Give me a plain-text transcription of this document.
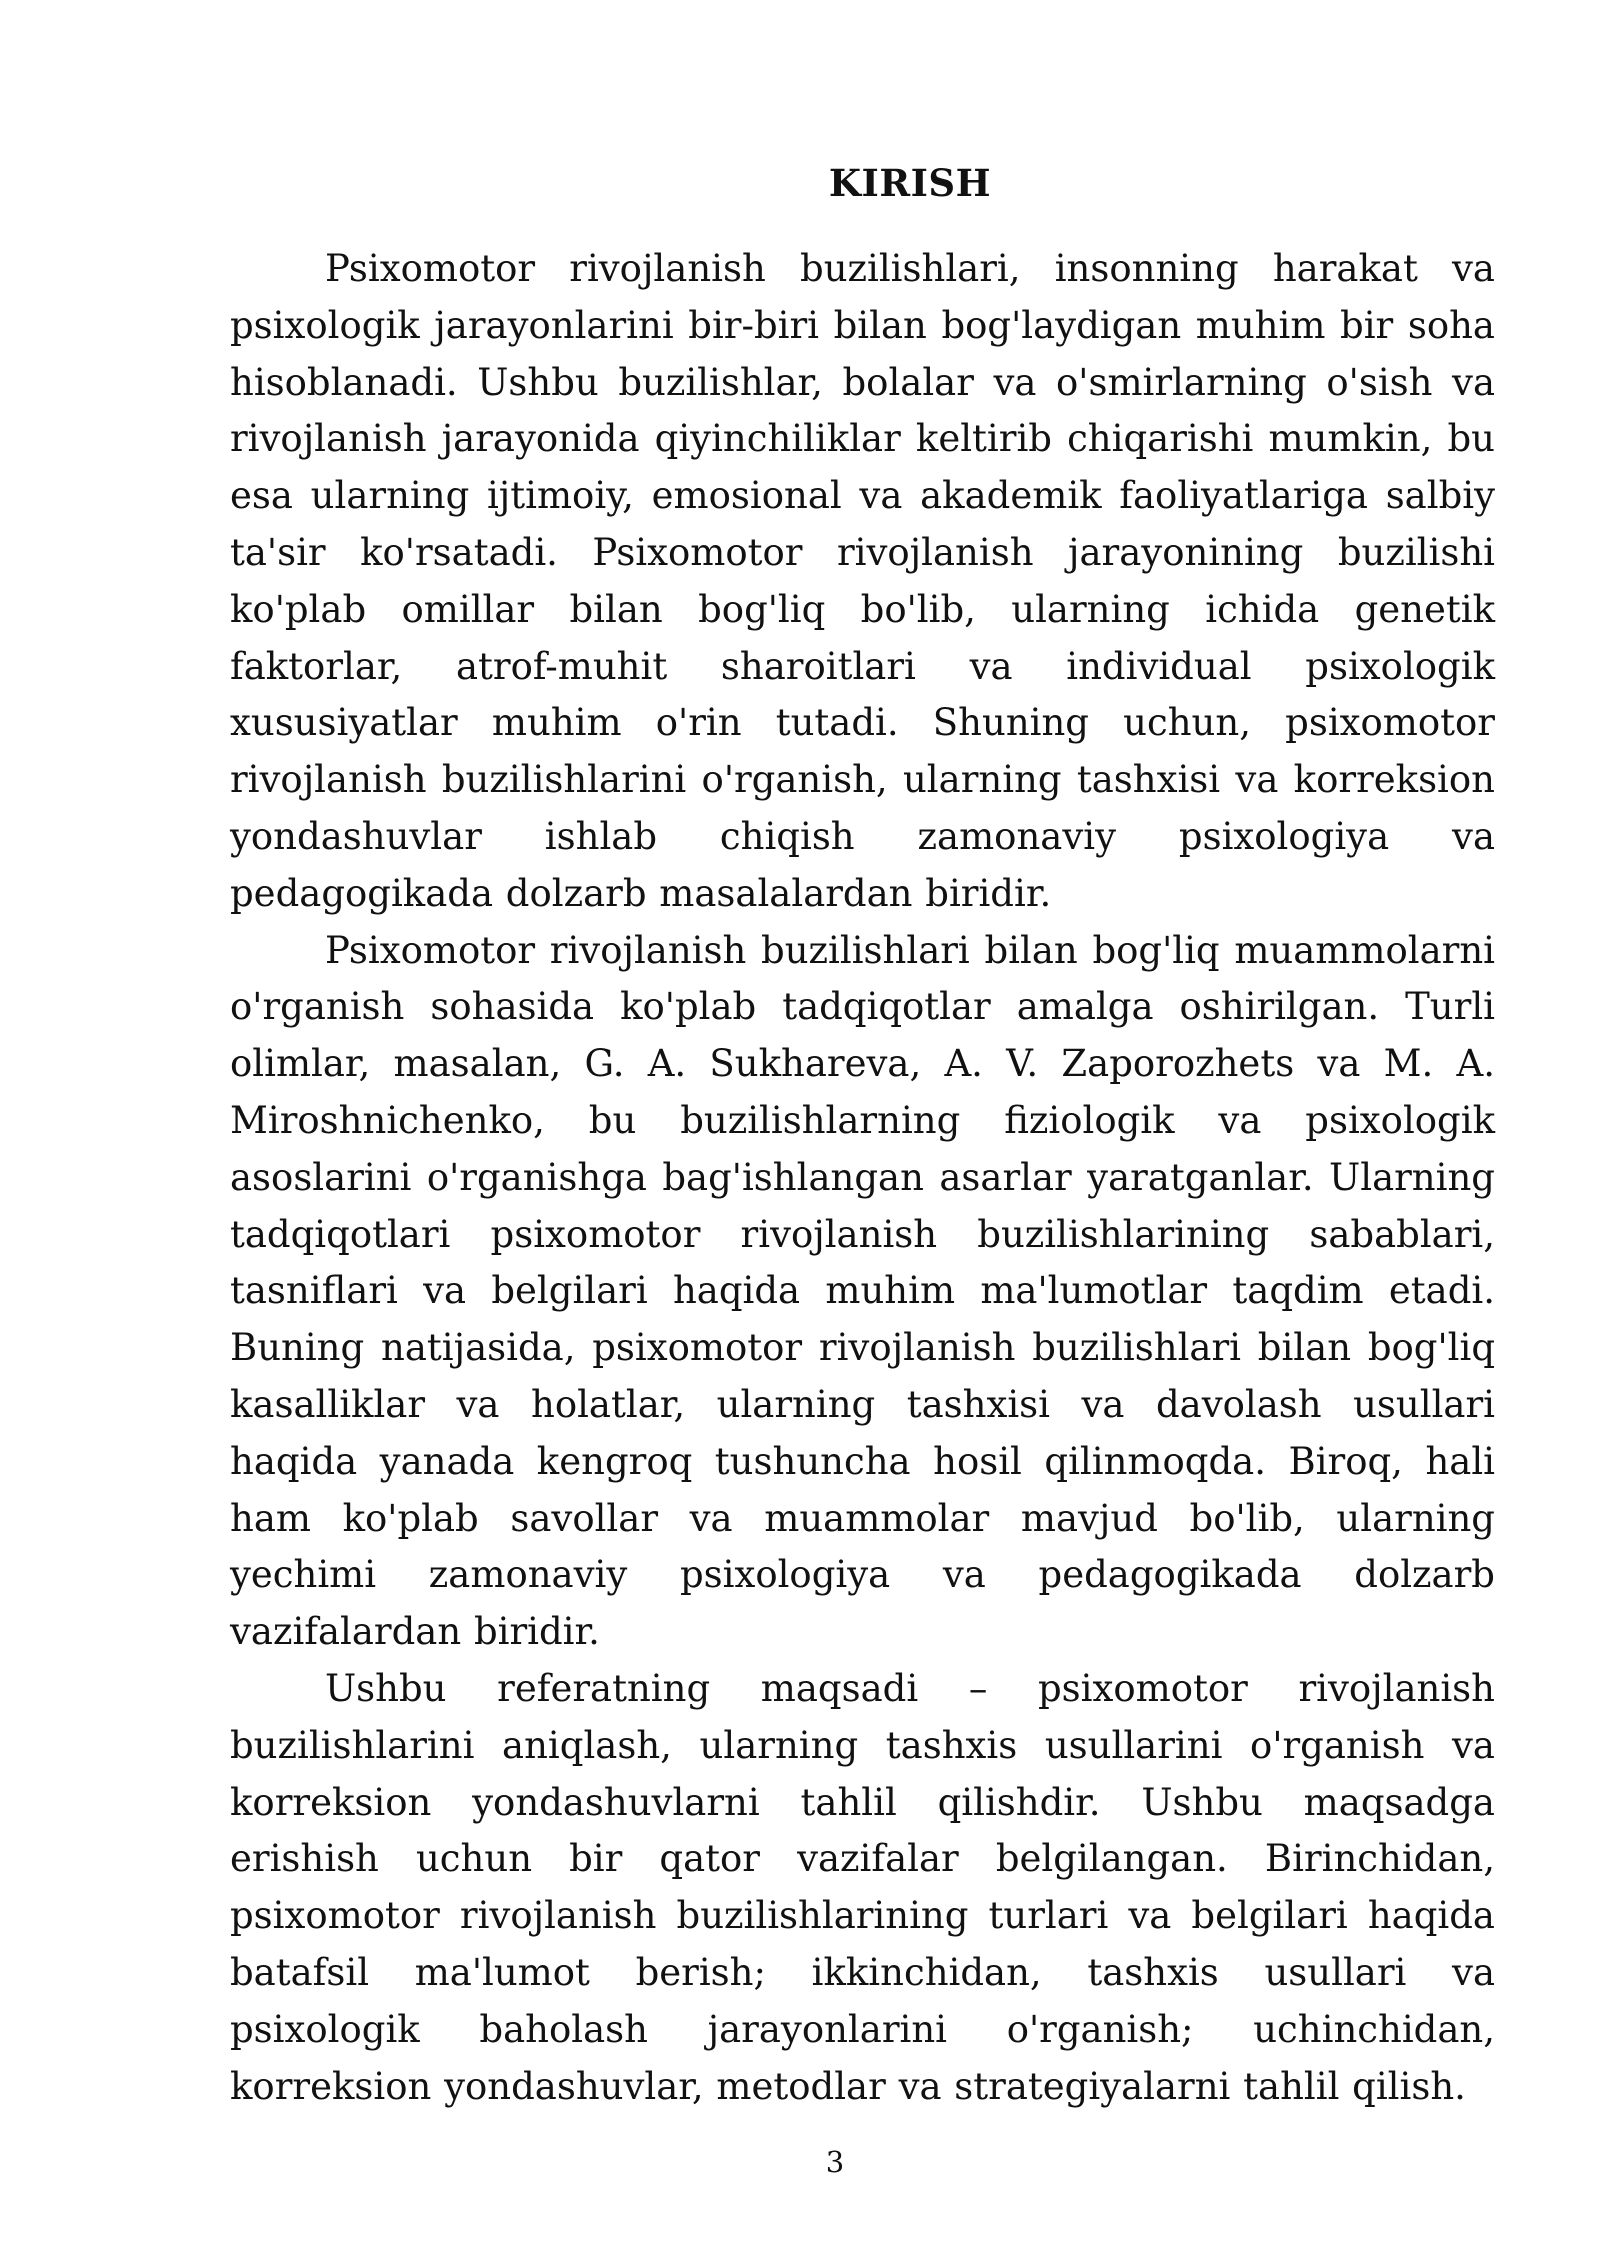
KIRISH

Psixomotor rivojlanish buzilishlari, insonning harakat va psixologik jarayonlarini bir-biri bilan bog'laydigan muhim bir soha hisoblanadi. Ushbu buzilishlar, bolalar va o'smirlarning o'sish va rivojlanish jarayonida qiyinchiliklar keltirib chiqarishi mumkin, bu esa ularning ijtimoiy, emosional va akademik faoliyatlariga salbiy ta'sir ko'rsatadi. Psixomotor rivojlanish jarayonining buzilishi ko'plab omillar bilan bog'liq bo'lib, ularning ichida genetik faktorlar, atrof-muhit sharoitlari va individual psixologik xususiyatlar muhim o'rin tutadi. Shuning uchun, psixomotor rivojlanish buzilishlarini o'rganish, ularning tashxisi va korreksion yondashuvlar ishlab chiqish zamonaviy psixologiya va pedagogikada dolzarb masalalardan biridir.

Psixomotor rivojlanish buzilishlari bilan bog'liq muammolarni o'rganish sohasida ko'plab tadqiqotlar amalga oshirilgan. Turli olimlar, masalan, G. A. Sukhareva, A. V. Zaporozhets va M. A. Miroshnichenko, bu buzilishlarning fiziologik va psixologik asoslarini o'rganishga bag'ishlangan asarlar yaratganlar. Ularning tadqiqotlari psixomotor rivojlanish buzilishlarining sabablari, tasniflari va belgilari haqida muhim ma'lumotlar taqdim etadi. Buning natijasida, psixomotor rivojlanish buzilishlari bilan bog'liq kasalliklar va holatlar, ularning tashxisi va davolash usullari haqida yanada kengroq tushuncha hosil qilinmoqda. Biroq, hali ham ko'plab savollar va muammolar mavjud bo'lib, ularning yechimi zamonaviy psixologiya va pedagogikada dolzarb vazifalardan biridir.

Ushbu referatning maqsadi – psixomotor rivojlanish buzilishlarini aniqlash, ularning tashxis usullarini o'rganish va korreksion yondashuvlarni tahlil qilishdir. Ushbu maqsadga erishish uchun bir qator vazifalar belgilangan. Birinchidan, psixomotor rivojlanish buzilishlarining turlari va belgilari haqida batafsil ma'lumot berish; ikkinchidan, tashxis usullari va psixologik baholash jarayonlarini o'rganish; uchinchidan, korreksion yondashuvlar, metodlar va strategiyalarni tahlil qilish.

3
